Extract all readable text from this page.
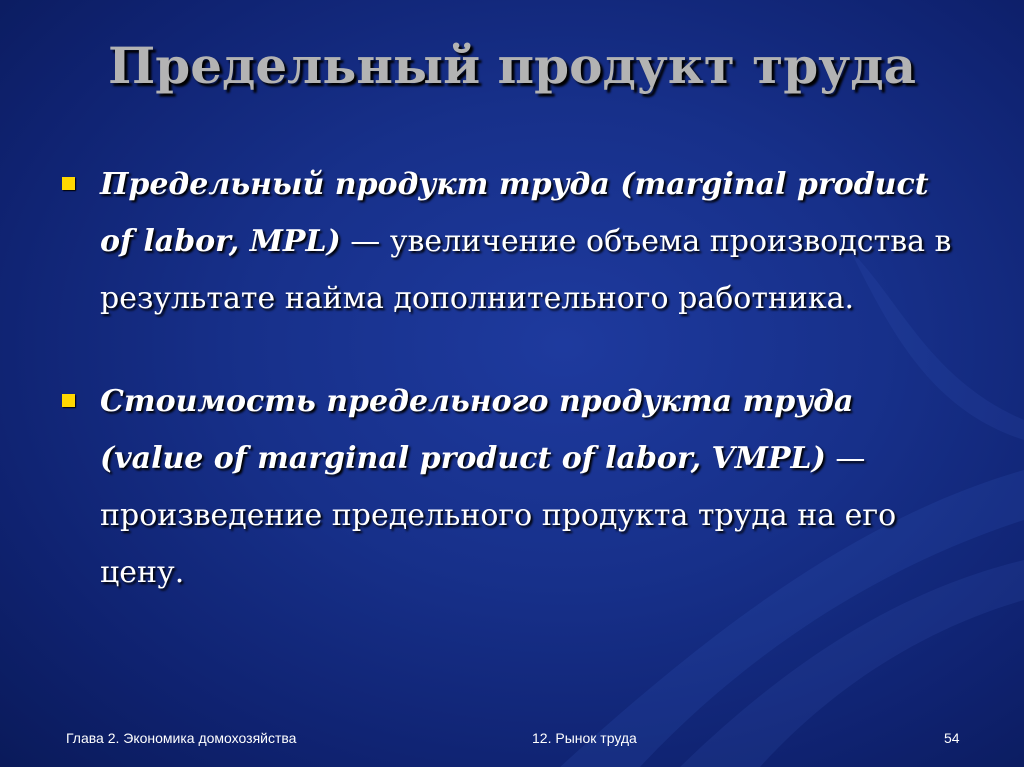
Предельный продукт труда
Предельный продукт труда (marginal product of labor, MPL) — увеличение объема производства в результате найма дополнительного работника.
Стоимость предельного продукта труда (value of marginal product of labor, VMPL) — произведение предельного продукта труда на его цену.
Глава 2. Экономика домохозяйства	12. Рынок труда	54
